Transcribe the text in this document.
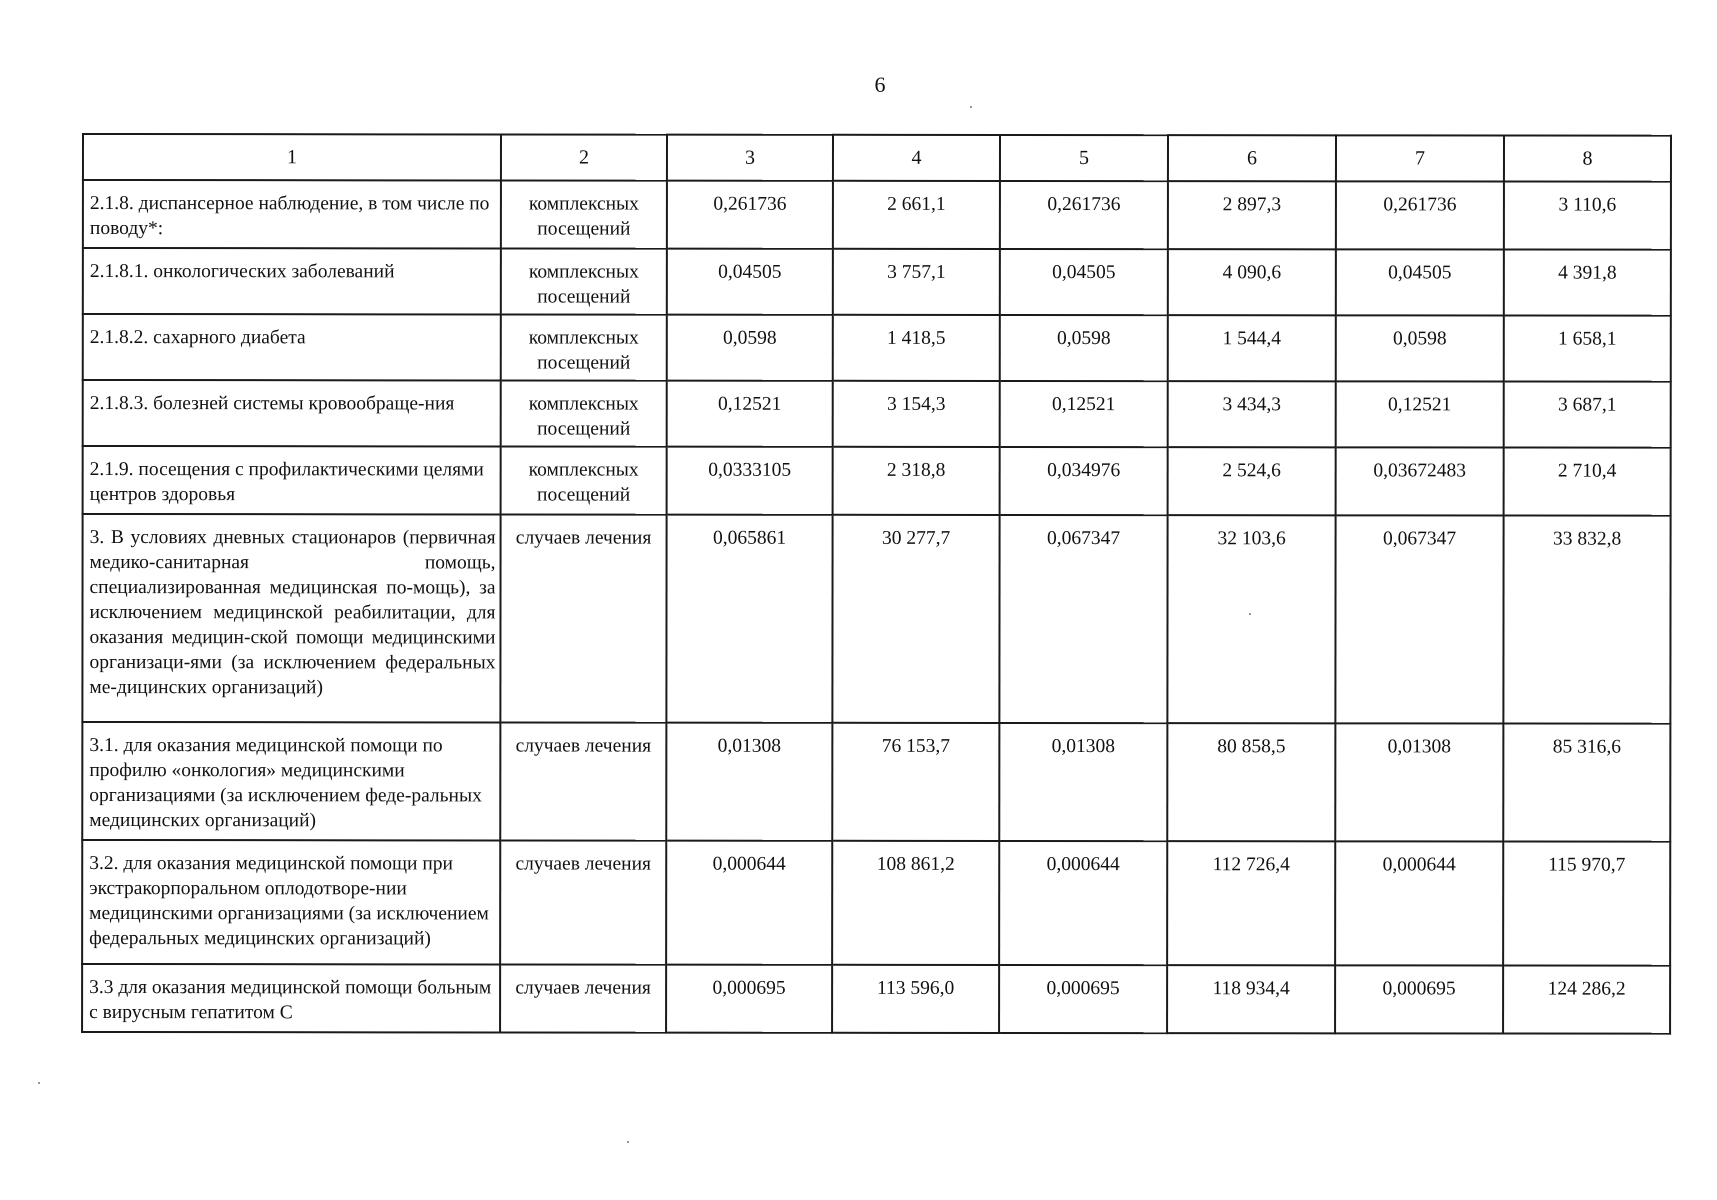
6
1	2	3	4	5	6	7	8
2.1.8. диспансерное наблюдение, в том числе по поводу*:	комплексных посещений	0,261736	2 661,1	0,261736	2 897,3	0,261736	3 110,6
2.1.8.1. онкологических заболеваний	комплексных посещений	0,04505	3 757,1	0,04505	4 090,6	0,04505	4 391,8
2.1.8.2. сахарного диабета	комплексных посещений	0,0598	1 418,5	0,0598	1 544,4	0,0598	1 658,1
2.1.8.3. болезней системы кровообраще-ния	комплексных посещений	0,12521	3 154,3	0,12521	3 434,3	0,12521	3 687,1
2.1.9. посещения с профилактическими целями центров здоровья	комплексных посещений	0,0333105	2 318,8	0,034976	2 524,6	0,03672483	2 710,4
3. В условиях дневных стационаров (первичная медико-санитарная помощь, специализированная медицинская по-мощь), за исключением медицинской реабилитации, для оказания медицин-ской помощи медицинскими организаци-ями (за исключением федеральных ме-дицинских организаций)	случаев лечения	0,065861	30 277,7	0,067347	32 103,6	0,067347	33 832,8
3.1. для оказания медицинской помощи по профилю «онкология» медицинскими организациями (за исключением феде-ральных медицинских организаций)	случаев лечения	0,01308	76 153,7	0,01308	80 858,5	0,01308	85 316,6
3.2. для оказания медицинской помощи при экстракорпоральном оплодотворе-нии медицинскими организациями (за исключением федеральных медицинских организаций)	случаев лечения	0,000644	108 861,2	0,000644	112 726,4	0,000644	115 970,7
3.3 для оказания медицинской помощи больным с вирусным гепатитом С	случаев лечения	0,000695	113 596,0	0,000695	118 934,4	0,000695	124 286,2
